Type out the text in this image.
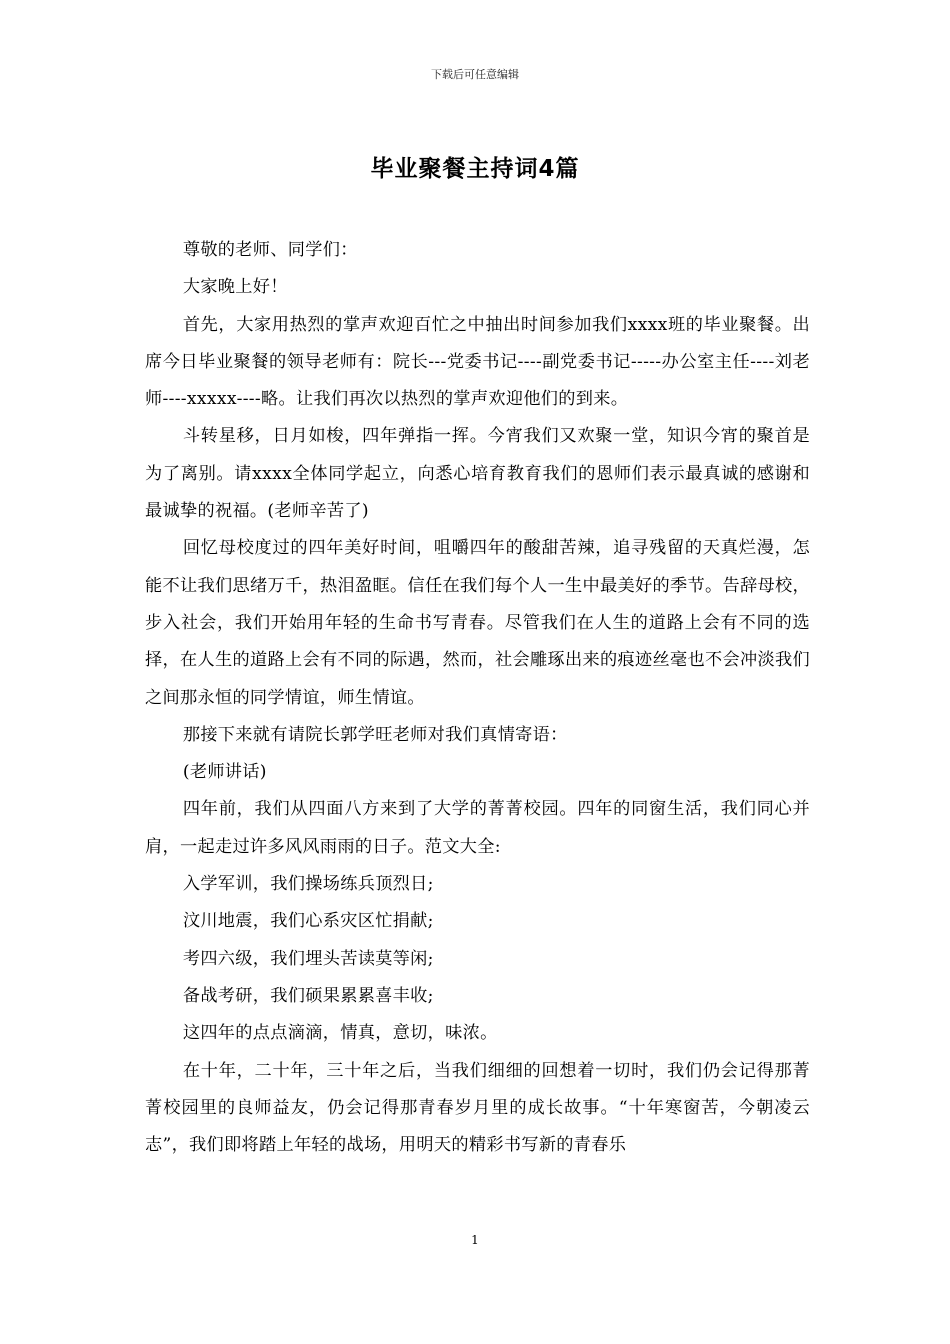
下载后可任意编辑
毕业聚餐主持词4篇

尊敬的老师、同学们：

大家晚上好！

首先，大家用热烈的掌声欢迎百忙之中抽出时间参加我们xxxx班的毕业聚餐。出席今日毕业聚餐的领导老师有：院长---党委书记----副党委书记-----办公室主任----刘老师----xxxxx----略。让我们再次以热烈的掌声欢迎他们的到来。

斗转星移，日月如梭，四年弹指一挥。今宵我们又欢聚一堂，知识今宵的聚首是为了离别。请xxxx全体同学起立，向悉心培育教育我们的恩师们表示最真诚的感谢和最诚挚的祝福。(老师辛苦了)

回忆母校度过的四年美好时间，咀嚼四年的酸甜苦辣，追寻残留的天真烂漫，怎能不让我们思绪万千，热泪盈眶。信任在我们每个人一生中最美好的季节。告辞母校，步入社会，我们开始用年轻的生命书写青春。尽管我们在人生的道路上会有不同的选择，在人生的道路上会有不同的际遇，然而，社会雕琢出来的痕迹丝毫也不会冲淡我们之间那永恒的同学情谊，师生情谊。

那接下来就有请院长郭学旺老师对我们真情寄语：

(老师讲话)

四年前，我们从四面八方来到了大学的菁菁校园。四年的同窗生活，我们同心并肩，一起走过许多风风雨雨的日子。范文大全:

入学军训，我们操场练兵顶烈日;

汶川地震，我们心系灾区忙捐献;

考四六级，我们埋头苦读莫等闲;

备战考研，我们硕果累累喜丰收;

这四年的点点滴滴，情真，意切，味浓。

在十年，二十年，三十年之后，当我们细细的回想着一切时，我们仍会记得那菁菁校园里的良师益友，仍会记得那青春岁月里的成长故事。“十年寒窗苦，今朝凌云志”，我们即将踏上年轻的战场，用明天的精彩书写新的青春乐

1
